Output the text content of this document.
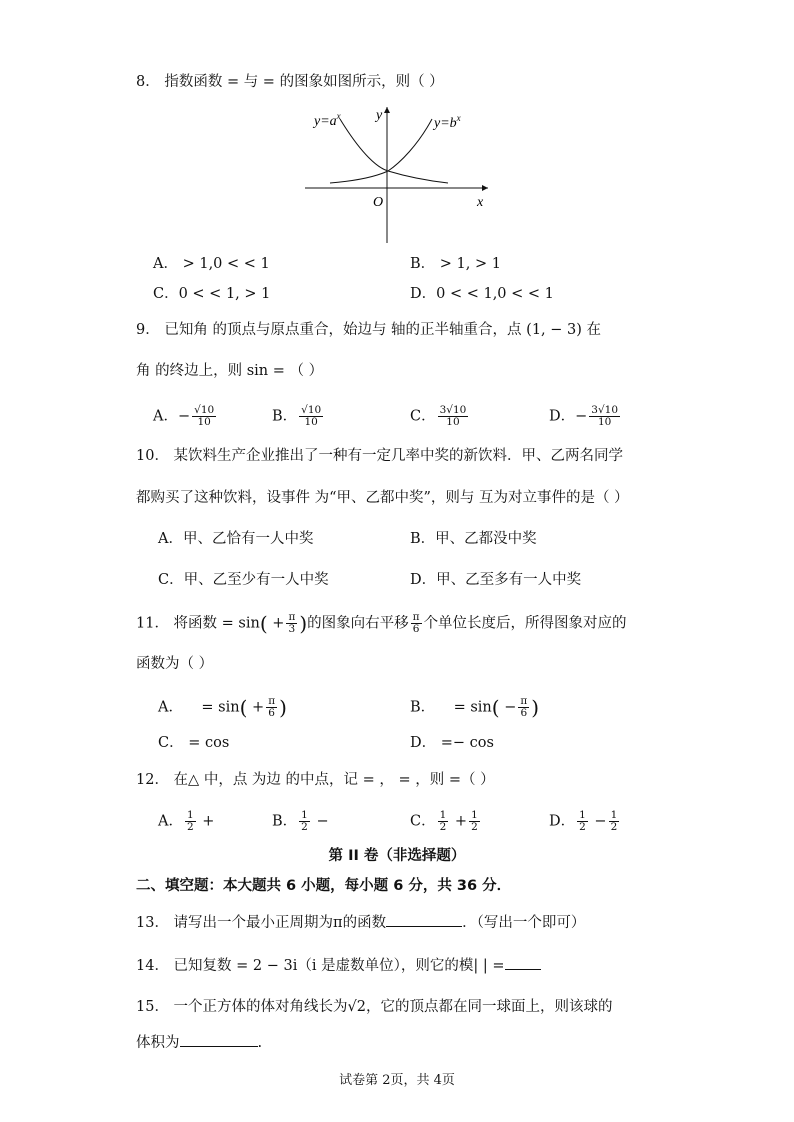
8． 指数函数 = 与 = 的图象如图所示，则（ ）
$y=a^x$	$y=b^x$
y
x
O
A． > 1,0 < < 1	B． > 1, > 1
C．0 < < 1, > 1	D．0 < < 1,0 < < 1
9． 已知角 的顶点与原点重合，始边与 轴的正半轴重合，点 (1, − 3) 在
角 的终边上，则 sin = （ ）
A．− $\frac{√10}{10}$	B． $\frac{√10}{10}$	C． $\frac{3√10}{10}$	D．− $\frac{3√10}{10}$
10． 某饮料生产企业推出了一种有一定几率中奖的新饮料．甲、乙两名同学
都购买了这种饮料，设事件 为“甲、乙都中奖”，则与 互为对立事件的是（ ）
A．甲、乙恰有一人中奖	B．甲、乙都没中奖
C．甲、乙至少有一人中奖	D．甲、乙至多有一人中奖
11． 将函数 = $\sin( + \frac{\pi}{3}$ )的图象向右平移 $\frac{\pi}{6}$ 个单位长度后，所得图象对应的
函数为（ ）
A． = $\sin( + \frac{\pi}{6}$ )	B． = $\sin( - \frac{\pi}{6}$ )
C． = cos	D． =− cos
12． 在△ 中，点 为边 的中点，记 = ， = ，则 =（ ）
A． $\frac{1}{2}$ +	B． $\frac{1}{2}$ −	C． $\frac{1}{2} + \frac{1}{2}$	D． $\frac{1}{2} - \frac{1}{2}$
第 II 卷（非选择题）
二、填空题：本大题共 6 小题，每小题 6 分，共 36 分．
13． 请写出一个最小正周期为π的函数	．（写出一个即可）
14． 已知复数 = 2 − 3i（i 是虚数单位），则它的模| | =
15． 一个正方体的体对角线长为√2，它的顶点都在同一球面上，则该球的
体积为	.
试卷第 2页，共 4页
